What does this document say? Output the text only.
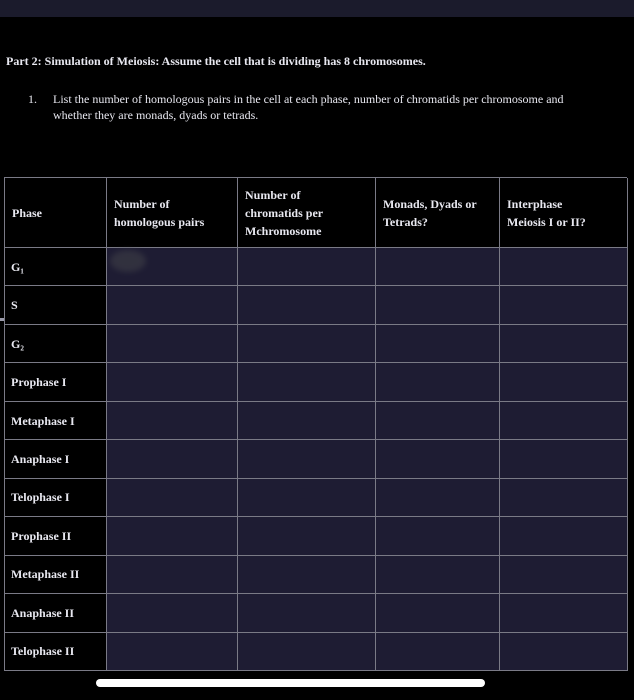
Part 2: Simulation of Meiosis: Assume the cell that is dividing has 8 chromosomes.
1. List the number of homologous pairs in the cell at each phase, number of chromatids per chromosome and
whether they are monads, dyads or tetrads.
Phase
Number of
homologous pairs
Number of
chromatids per
Mchromosome
Monads, Dyads or
Tetrads?
Interphase
Meiosis I or II?
G₁
S
G₂
Prophase I
Metaphase I
Anaphase I
Telophase I
Prophase II
Metaphase II
Anaphase II
Telophase II
